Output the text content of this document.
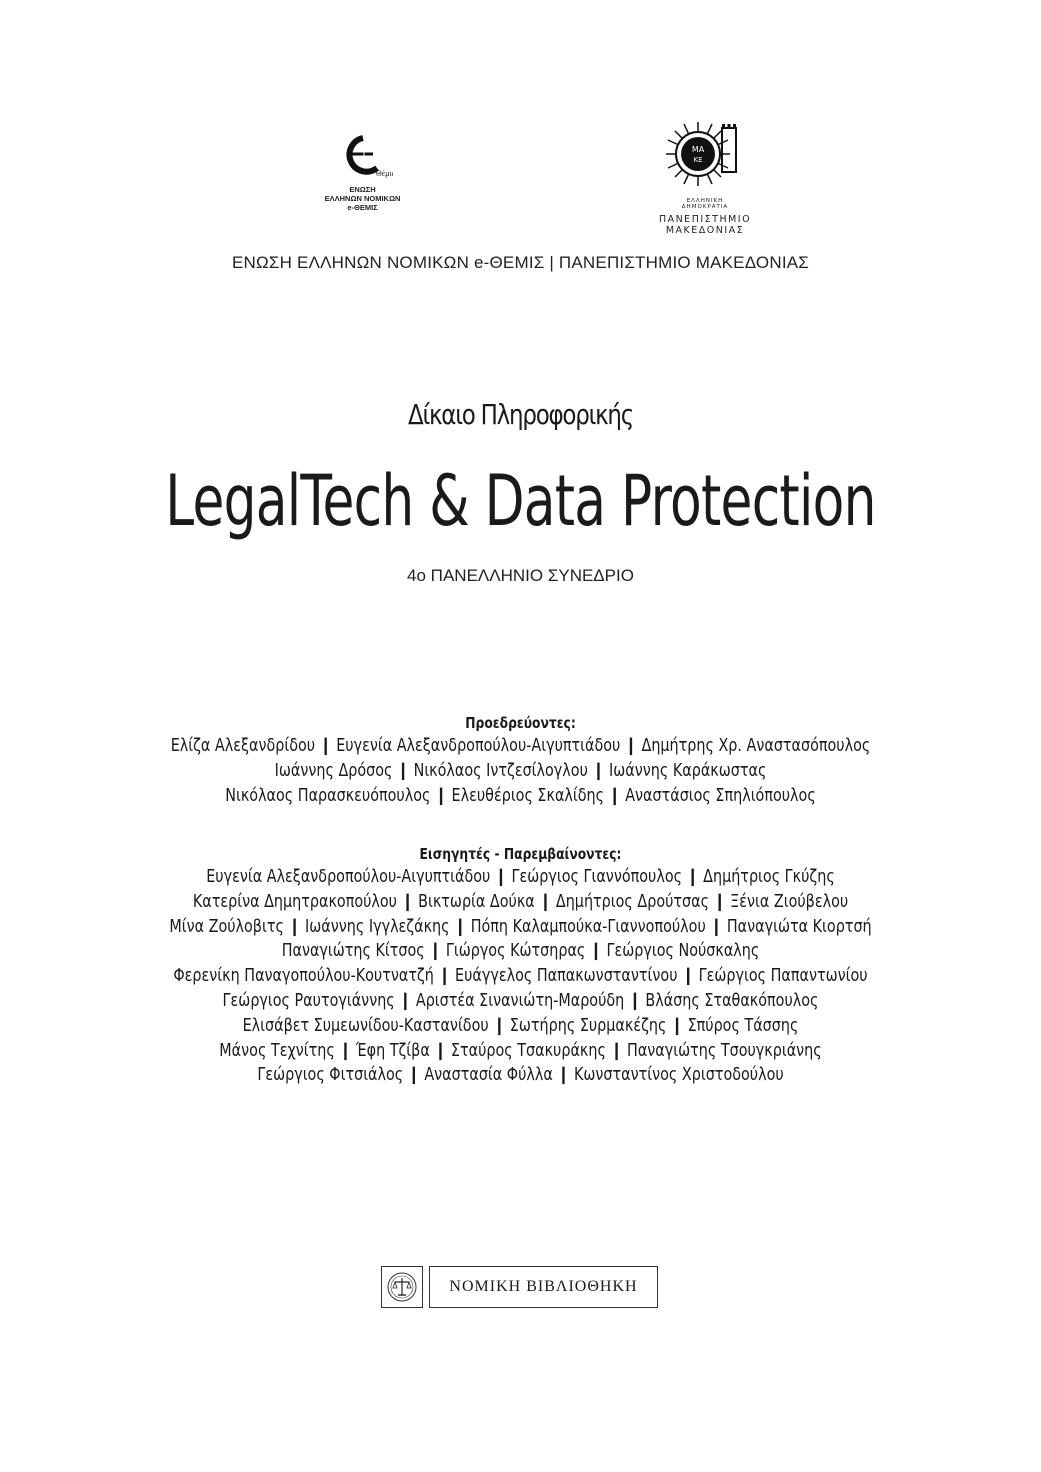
Θέμις
ΕΝΩΣΗ
ΕΛΛΗΝΩΝ ΝΟΜΙΚΩΝ
e-ΘΕΜΙΣ
ΜΑ
ΚΕ
ΕΛΛΗΝΙΚΗ
ΔΗΜΟΚΡΑΤΙΑ
ΠΑΝΕΠΙΣΤΗΜΙΟ
ΜΑΚΕΔΟΝΙΑΣ
ΕΝΩΣΗ ΕΛΛΗΝΩΝ ΝΟΜΙΚΩΝ e-ΘΕΜΙΣ | ΠΑΝΕΠΙΣΤΗΜΙΟ ΜΑΚΕΔΟΝΙΑΣ
Δίκαιο Πληροφορικής
LegalTech & Data Protection
4ο ΠΑΝΕΛΛΗΝΙΟ ΣΥΝΕΔΡΙΟ
Προεδρεύοντες:
Ελίζα Αλεξανδρίδου ❙ Ευγενία Αλεξανδροπούλου-Αιγυπτιάδου ❙ Δημήτρης Χρ. Αναστασόπουλος
Ιωάννης Δρόσος ❙ Νικόλαος Ιντζεσίλογλου ❙ Ιωάννης Καράκωστας
Νικόλαος Παρασκευόπουλος ❙ Ελευθέριος Σκαλίδης ❙ Αναστάσιος Σπηλιόπουλος
Εισηγητές - Παρεμβαίνοντες:
Ευγενία Αλεξανδροπούλου-Αιγυπτιάδου ❙ Γεώργιος Γιαννόπουλος ❙ Δημήτριος Γκύζης
Κατερίνα Δημητρακοπούλου ❙ Βικτωρία Δούκα ❙ Δημήτριος Δρούτσας ❙ Ξένια Ζιούβελου
Μίνα Ζούλοβιτς ❙ Ιωάννης Ιγγλεζάκης ❙ Πόπη Καλαμπούκα-Γιαννοπούλου ❙ Παναγιώτα Κιορτσή
Παναγιώτης Κίτσος ❙ Γιώργος Κώτσηρας ❙ Γεώργιος Νούσκαλης
Φερενίκη Παναγοπούλου-Κουτνατζή ❙ Ευάγγελος Παπακωνσταντίνου ❙ Γεώργιος Παπαντωνίου
Γεώργιος Ραυτογιάννης ❙ Αριστέα Σινανιώτη-Μαρούδη ❙ Βλάσης Σταθακόπουλος
Ελισάβετ Συμεωνίδου-Καστανίδου ❙ Σωτήρης Συρμακέζης ❙ Σπύρος Τάσσης
Μάνος Τεχνίτης ❙ Έφη Τζίβα ❙ Σταύρος Τσακυράκης ❙ Παναγιώτης Τσουγκριάνης
Γεώργιος Φιτσιάλος ❙ Αναστασία Φύλλα ❙ Κωνσταντίνος Χριστοδούλου
ΝΟΜΙΚΗ ΒΙΒΛΙΟΘΗΚΗ
